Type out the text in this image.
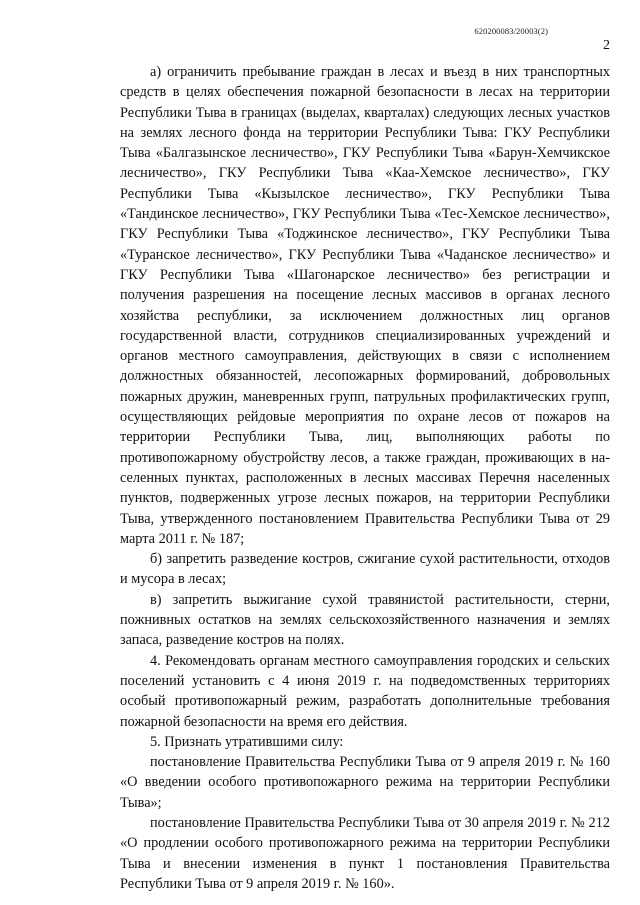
620200083/20003(2)
2

а) ограничить пребывание граждан в лесах и въезд в них транспортных средств в целях обеспечения пожарной безопасности в лесах на территории Республики Тыва в границах (выделах, кварталах) следующих лесных участков на землях лесного фонда на территории Республики Тыва: ГКУ Республики Тыва «Балгазынское лесничество», ГКУ Республики Тыва «Барун-Хемчикское лесничество», ГКУ Республики Тыва «Каа-Хемское лесничество», ГКУ Республики Тыва «Кызылское лесничество», ГКУ Республики Тыва «Тандинское лесничество», ГКУ Республики Тыва «Тес-Хемское лесничество», ГКУ Республики Тыва «Тоджинское лесничество», ГКУ Республики Тыва «Туранское лесничество», ГКУ Республики Тыва «Чаданское лесничество» и ГКУ Республики Тыва «Шагонарское лесничество» без регистрации и получения разрешения на посещение лесных массивов в органах лесного хозяйства республики, за исключением должностных лиц органов государственной власти, сотрудников специализированных учреждений и органов местного самоуправления, действующих в связи с исполнением должностных обязанностей, лесопожарных формирований, добровольных пожарных дружин, маневренных групп, патрульных профилактических групп, осуществляющих рейдовые мероприятия по охране лесов от пожаров на территории Республики Тыва, лиц, выполняющих работы по противопожарному обустройству лесов, а также граждан, проживающих в населенных пунктах, расположенных в лесных массивах Перечня населенных пунктов, подверженных угрозе лесных пожаров, на территории Республики Тыва, утвержденного постановлением Правительства Республики Тыва от 29 марта 2011 г. № 187;

б) запретить разведение костров, сжигание сухой растительности, отходов и мусора в лесах;

в) запретить выжигание сухой травянистой растительности, стерни, пожнивных остатков на землях сельскохозяйственного назначения и землях запаса, разведение костров на полях.

4. Рекомендовать органам местного самоуправления городских и сельских поселений установить с 4 июня 2019 г. на подведомственных территориях особый противопожарный режим, разработать дополнительные требования пожарной безопасности на время его действия.

5. Признать утратившими силу:

постановление Правительства Республики Тыва от 9 апреля 2019 г. № 160 «О введении особого противопожарного режима на территории Республики Тыва»;

постановление Правительства Республики Тыва от 30 апреля 2019 г. № 212 «О продлении особого противопожарного режима на территории Республики Тыва и внесении изменения в пункт 1 постановления Правительства Республики Тыва от 9 апреля 2019 г. № 160».
